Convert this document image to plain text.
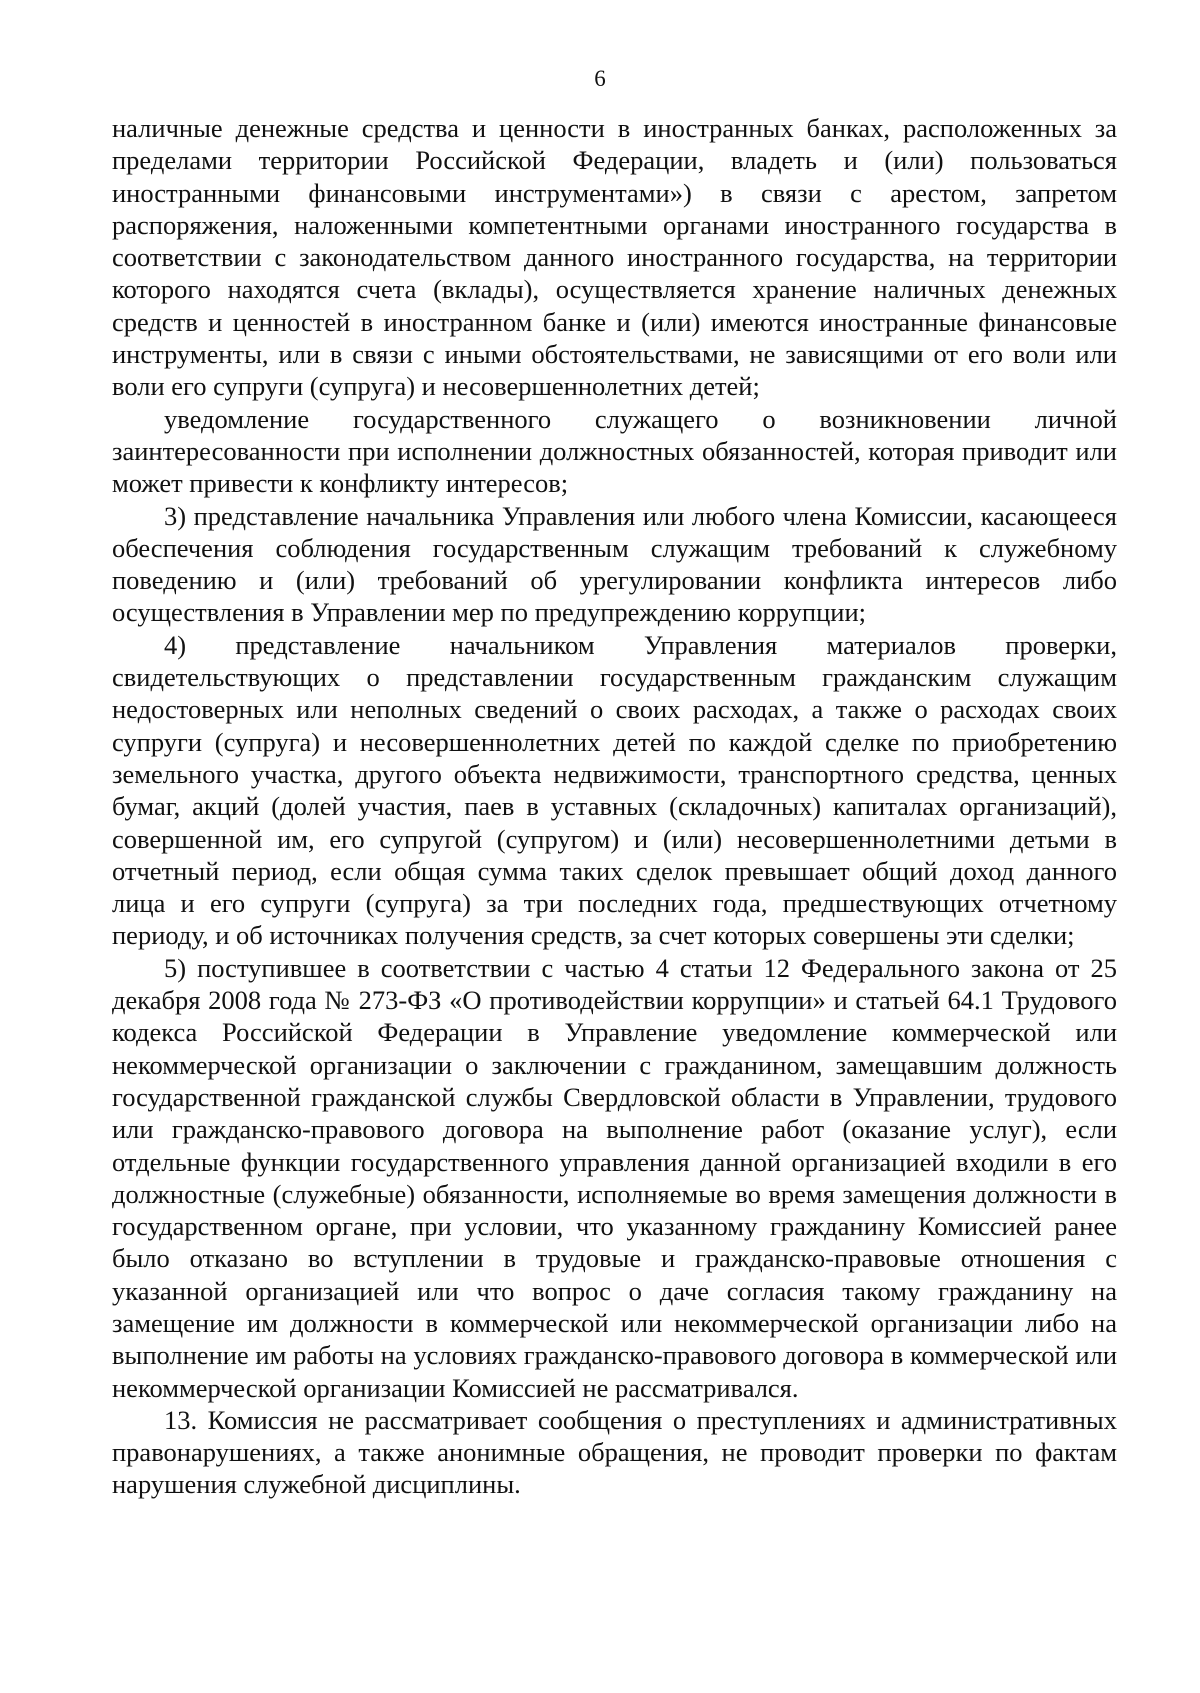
6

наличные денежные средства и ценности в иностранных банках, расположенных за пределами территории Российской Федерации, владеть и (или) пользоваться иностранными финансовыми инструментами») в связи с арестом, запретом распоряжения, наложенными компетентными органами иностранного государства в соответствии с законодательством данного иностранного государства, на территории которого находятся счета (вклады), осуществляется хранение наличных денежных средств и ценностей в иностранном банке и (или) имеются иностранные финансовые инструменты, или в связи с иными обстоятельствами, не зависящими от его воли или воли его супруги (супруга) и несовершеннолетних детей;

уведомление государственного служащего о возникновении личной заинтересованности при исполнении должностных обязанностей, которая приводит или может привести к конфликту интересов;

3) представление начальника Управления или любого члена Комиссии, касающееся обеспечения соблюдения государственным служащим требований к служебному поведению и (или) требований об урегулировании конфликта интересов либо осуществления в Управлении мер по предупреждению коррупции;

4) представление начальником Управления материалов проверки, свидетельствующих о представлении государственным гражданским служащим недостоверных или неполных сведений о своих расходах, а также о расходах своих супруги (супруга) и несовершеннолетних детей по каждой сделке по приобретению земельного участка, другого объекта недвижимости, транспортного средства, ценных бумаг, акций (долей участия, паев в уставных (складочных) капиталах организаций), совершенной им, его супругой (супругом) и (или) несовершеннолетними детьми в отчетный период, если общая сумма таких сделок превышает общий доход данного лица и его супруги (супруга) за три последних года, предшествующих отчетному периоду, и об источниках получения средств, за счет которых совершены эти сделки;

5) поступившее в соответствии с частью 4 статьи 12 Федерального закона от 25 декабря 2008 года № 273-ФЗ «О противодействии коррупции» и статьей 64.1 Трудового кодекса Российской Федерации в Управление уведомление коммерческой или некоммерческой организации о заключении с гражданином, замещавшим должность государственной гражданской службы Свердловской области в Управлении, трудового или гражданско-правового договора на выполнение работ (оказание услуг), если отдельные функции государственного управления данной организацией входили в его должностные (служебные) обязанности, исполняемые во время замещения должности в государственном органе, при условии, что указанному гражданину Комиссией ранее было отказано во вступлении в трудовые и гражданско-правовые отношения с указанной организацией или что вопрос о даче согласия такому гражданину на замещение им должности в коммерческой или некоммерческой организации либо на выполнение им работы на условиях гражданско-правового договора в коммерческой или некоммерческой организации Комиссией не рассматривался.

13. Комиссия не рассматривает сообщения о преступлениях и административных правонарушениях, а также анонимные обращения, не проводит проверки по фактам нарушения служебной дисциплины.
